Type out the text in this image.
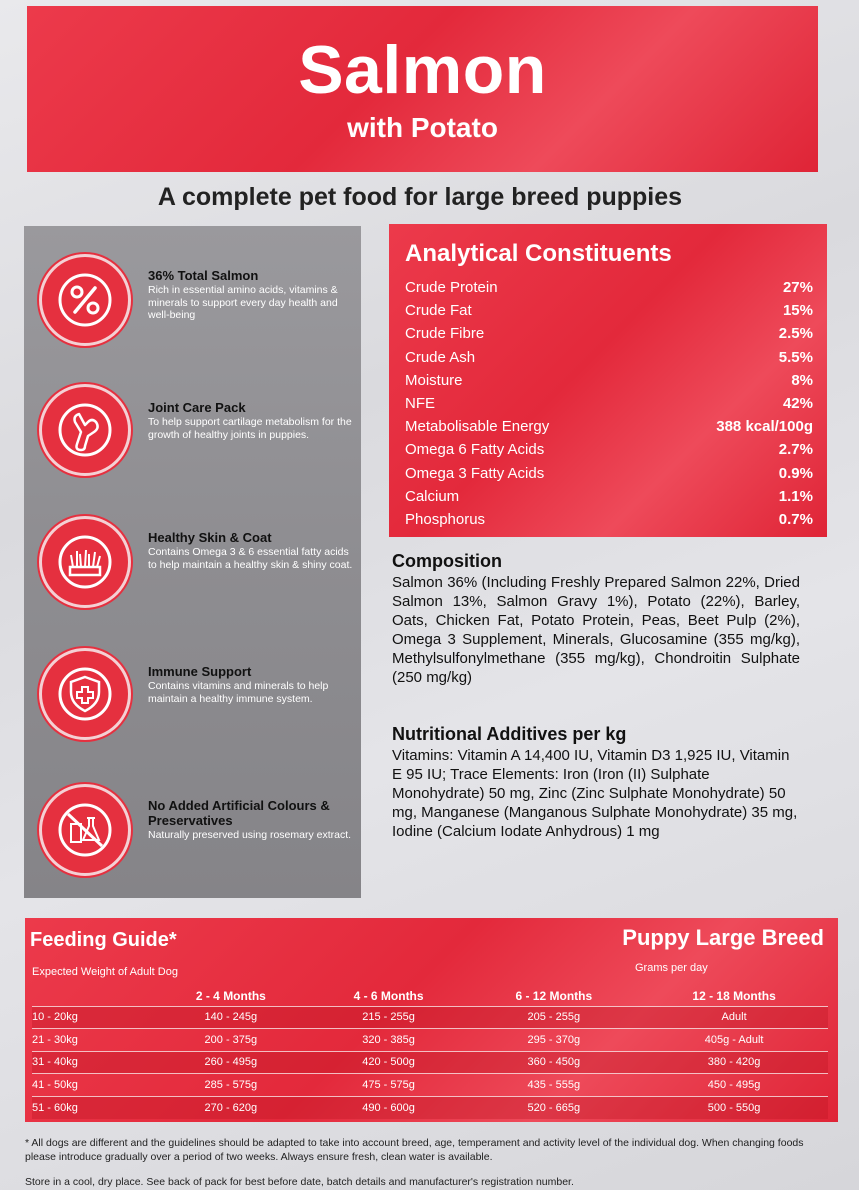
Salmon
with Potato
A complete pet food for large breed puppies
36% Total Salmon
Rich in essential amino acids, vitamins & minerals to support every day health and well-being
Joint Care Pack
To help support cartilage metabolism for the growth of healthy joints in puppies.
Healthy Skin & Coat
Contains Omega 3 & 6 essential fatty acids to help maintain a healthy skin & shiny coat.
Immune Support
Contains vitamins and minerals to help maintain a healthy immune system.
No Added Artificial Colours & Preservatives
Naturally preserved using rosemary extract.
Analytical Constituents
Crude Protein	27%
Crude Fat	15%
Crude Fibre	2.5%
Crude Ash	5.5%
Moisture	8%
NFE	42%
Metabolisable Energy	388 kcal/100g
Omega 6 Fatty Acids	2.7%
Omega 3 Fatty Acids	0.9%
Calcium	1.1%
Phosphorus	0.7%
Composition

Salmon 36% (Including Freshly Prepared Salmon 22%, Dried Salmon 13%, Salmon Gravy 1%), Potato (22%), Barley, Oats, Chicken Fat, Potato Protein, Peas, Beet Pulp (2%), Omega 3 Supplement, Minerals, Glucosamine (355 mg/kg), Methylsulfonylmethane (355 mg/kg), Chondroitin Sulphate (250 mg/kg)

Nutritional Additives per kg

Vitamins: Vitamin A 14,400 IU, Vitamin D3 1,925 IU, Vitamin E 95 IU; Trace Elements: Iron (Iron (II) Sulphate Monohydrate) 50 mg, Zinc (Zinc Sulphate Monohydrate) 50 mg, Manganese (Manganous Sulphate Monohydrate) 35 mg, Iodine (Calcium Iodate Anhydrous) 1 mg

Feeding Guide*	Puppy Large Breed
Expected Weight of Adult Dog	Grams per day
	2 - 4 Months	4 - 6 Months	6 - 12 Months	12 - 18 Months
10 - 20kg	140 - 245g	215 - 255g	205 - 255g	Adult
21 - 30kg	200 - 375g	320 - 385g	295 - 370g	405g - Adult
31 - 40kg	260 - 495g	420 - 500g	360 - 450g	380 - 420g
41 - 50kg	285 - 575g	475 - 575g	435 - 555g	450 - 495g
51 - 60kg	270 - 620g	490 - 600g	520 - 665g	500 - 550g
* All dogs are different and the guidelines should be adapted to take into account breed, age, temperament and activity level of the individual dog. When changing foods please introduce gradually over a period of two weeks. Always ensure fresh, clean water is available.
Store in a cool, dry place. See back of pack for best before date, batch details and manufacturer's registration number.
